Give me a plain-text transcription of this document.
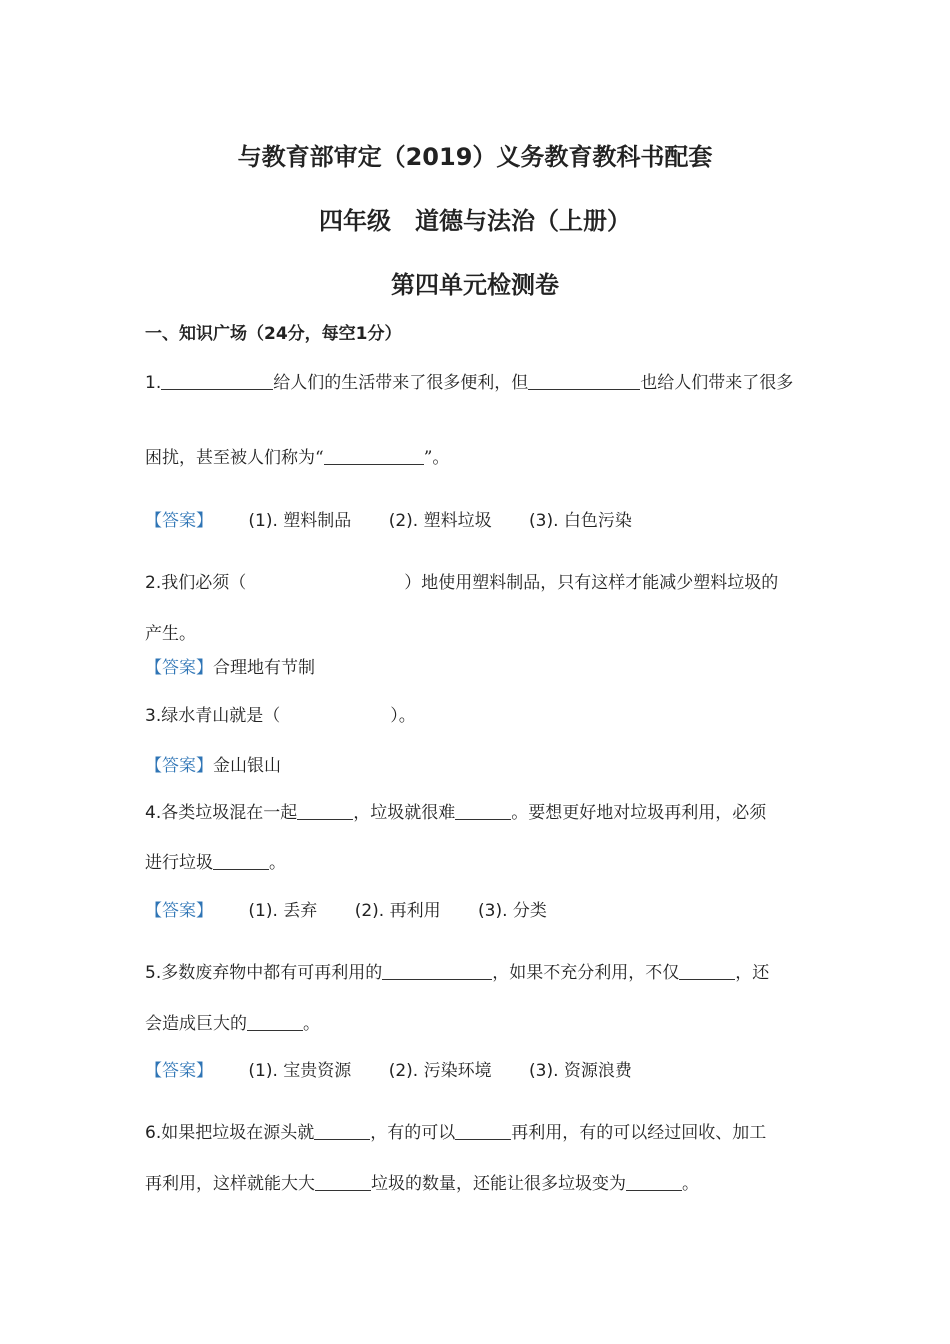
与教育部审定（2019）义务教育教科书配套
四年级　道德与法治（上册）
第四单元检测卷
一、知识广场（24分，每空1分）
1.	给人们的生活带来了很多便利，但	也给人们带来了很多
困扰，甚至被人们称为“	”。
【答案】 (1). 塑料制品 (2). 塑料垃圾 (3). 白色污染
2.我们必须（	）地使用塑料制品，只有这样才能减少塑料垃圾的
产生。
【答案】合理地有节制
3.绿水青山就是（	）。
【答案】金山银山
4.各类垃圾混在一起	，垃圾就很难	。要想更好地对垃圾再利用，必须
进行垃圾	。
【答案】 (1). 丢弃 (2). 再利用 (3). 分类
5.多数废弃物中都有可再利用的	，如果不充分利用，不仅	，还
会造成巨大的	。
【答案】 (1). 宝贵资源 (2). 污染环境 (3). 资源浪费
6.如果把垃圾在源头就	，有的可以	再利用，有的可以经过回收、加工
再利用，这样就能大大	垃圾的数量，还能让很多垃圾变为	。
